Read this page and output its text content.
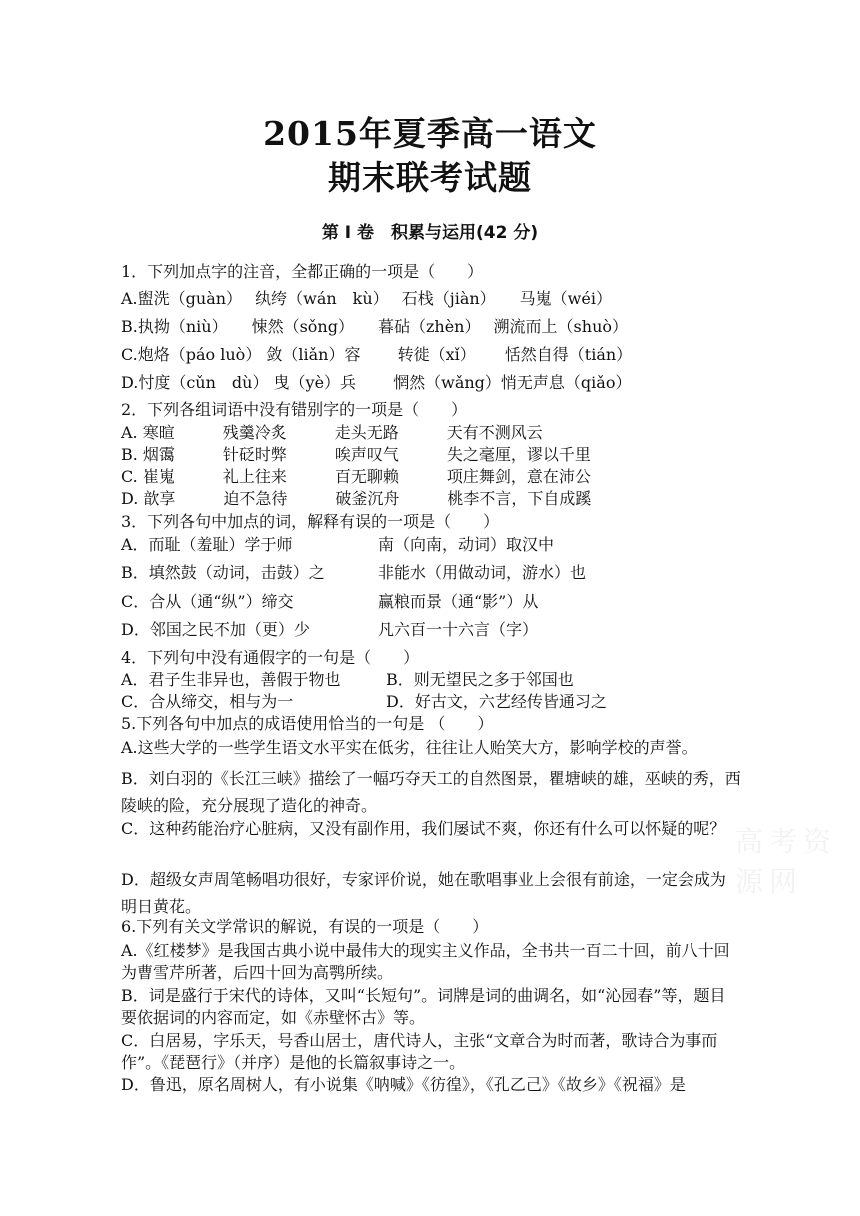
2015年夏季高一语文
期末联考试题
第 Ⅰ 卷　积累与运用(42 分)
高考资源网
1．下列加点字的注音，全都正确的一项是（　　）
A.盥洗（guàn）　 纨绔（wán　kù）　 石栈（jiàn）　　马嵬（wéi）
B.执拗（niù）　　悚然（sǒng）　　暮砧（zhèn）　 溯流而上（shuò）
C.炮烙（páo luò） 敛（liǎn）容　　 转徙（xǐ）　　 恬然自得（tián）
D.忖度（cǔn　dù） 曳（yè）兵　　 惘然（wǎng）悄无声息（qiǎo）
2．下列各组词语中没有错别字的一项是（　　）
A. 寒暄　　　残羹冷炙　　　走头无路　　　天有不测风云
B. 烟霭　　　针砭时弊　　　唉声叹气　　　失之毫厘，谬以千里
C. 崔嵬　　　礼上往来　　　百无聊赖　　　项庄舞剑，意在沛公
D. 歆享　　　迫不急待　　　破釜沉舟　　　桃李不言，下自成蹊
3．下列各句中加点的词，解释有误的一项是（　　）
A．而耻（羞耻）学于师	南（向南，动词）取汉中
B．填然鼓（动词，击鼓）之	非能水（用做动词，游水）也
C．合从（通“纵”）缔交	赢粮而景（通“影”）从
D．邻国之民不加（更）少	凡六百一十六言（字）
4．下列句中没有通假字的一句是（　　）
A．君子生非异也，善假于物也	B．则无望民之多于邻国也
C．合从缔交，相与为一	D．好古文，六艺经传皆通习之
5.下列各句中加点的成语使用恰当的一句是 （　　）
A.这些大学的一些学生语文水平实在低劣，往往让人贻笑大方，影响学校的声誉。
B．刘白羽的《长江三峡》描绘了一幅巧夺天工的自然图景，瞿塘峡的雄，巫峡的秀，西陵峡的险，充分展现了造化的神奇。
C．这种药能治疗心脏病，又没有副作用，我们屡试不爽，你还有什么可以怀疑的呢？
D．超级女声周笔畅唱功很好，专家评价说，她在歌唱事业上会很有前途，一定会成为明日黄花。
6.下列有关文学常识的解说，有误的一项是（　　）
A.《红楼梦》是我国古典小说中最伟大的现实主义作品，全书共一百二十回，前八十回为曹雪芹所著，后四十回为高鹗所续。
B．词是盛行于宋代的诗体，又叫“长短句”。词牌是词的曲调名，如“沁园春”等，题目要依据词的内容而定，如《赤壁怀古》等。
C．白居易，字乐天，号香山居士，唐代诗人，主张“文章合为时而著，歌诗合为事而作”。《琵琶行》（并序）是他的长篇叙事诗之一。
D．鲁迅，原名周树人，有小说集《呐喊》《彷徨》，《孔乙己》《故乡》《祝福》是
